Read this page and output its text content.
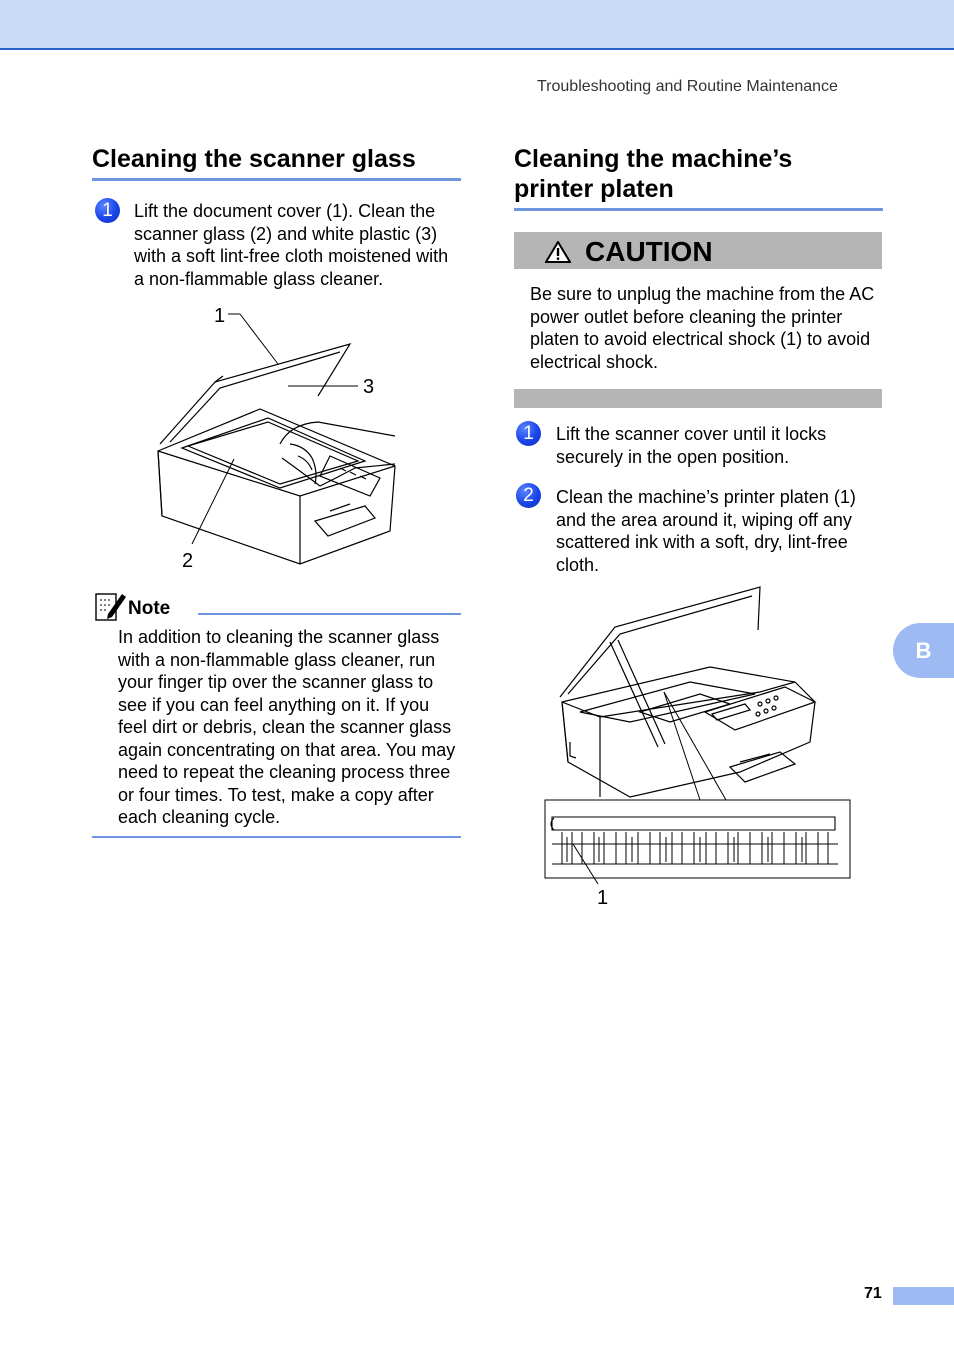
Troubleshooting and Routine Maintenance
Cleaning the scanner glass
1	Lift the document cover (1). Clean the scanner glass (2) and white plastic (3) with a soft lint-free cloth moistened with a non-flammable glass cleaner.
1
3
2
Note
In addition to cleaning the scanner glass with a non-flammable glass cleaner, run your finger tip over the scanner glass to see if you can feel anything on it. If you feel dirt or debris, clean the scanner glass again concentrating on that area. You may need to repeat the cleaning process three or four times. To test, make a copy after each cleaning cycle.
Cleaning the machine’s
printer platen
CAUTION
Be sure to unplug the machine from the AC power outlet before cleaning the printer platen to avoid electrical shock (1) to avoid electrical shock.
1	Lift the scanner cover until it locks securely in the open position.
2	Clean the machine’s printer platen (1) and the area around it, wiping off any scattered ink with a soft, dry, lint-free cloth.
1
B
71
